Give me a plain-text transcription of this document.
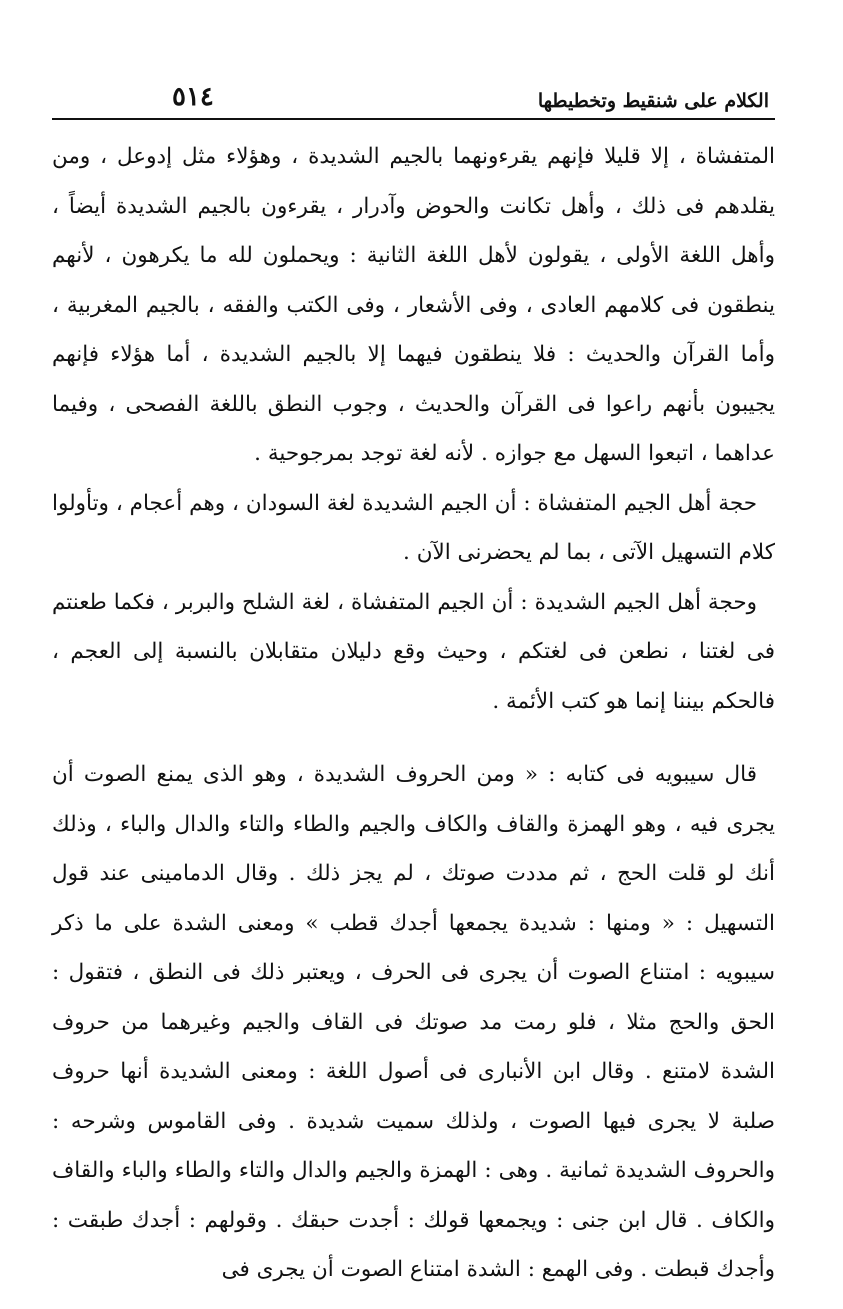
الكلام على شنقيط وتخطيطها
٥١٤

المتفشاة ، إلا قليلا فإنهم يقرءونهما بالجيم الشديدة ، وهؤلاء مثل إدوعل ، ومن يقلدهم فى ذلك ، وأهل تكانت والحوض وآدرار ، يقرءون بالجيم الشديدة أيضاً ، وأهل اللغة الأولى ، يقولون لأهل اللغة الثانية : ويحملون لله ما يكرهون ، لأنهم ينطقون فى كلامهم العادى ، وفى الأشعار ، وفى الكتب والفقه ، بالجيم المغربية ، وأما القرآن والحديث : فلا ينطقون فيهما إلا بالجيم الشديدة ، أما هؤلاء فإنهم يجيبون بأنهم راعوا فى القرآن والحديث ، وجوب النطق باللغة الفصحى ، وفيما عداهما ، اتبعوا السهل مع جوازه . لأنه لغة توجد بمرجوحية .

حجة أهل الجيم المتفشاة : أن الجيم الشديدة لغة السودان ، وهم أعجام ، وتأولوا كلام التسهيل الآتى ، بما لم يحضرنى الآن .

وحجة أهل الجيم الشديدة : أن الجيم المتفشاة ، لغة الشلح والبربر ، فكما طعنتم فى لغتنا ، نطعن فى لغتكم ، وحيث وقع دليلان متقابلان بالنسبة إلى العجم ، فالحكم بيننا إنما هو كتب الأئمة .

قال سيبويه فى كتابه : « ومن الحروف الشديدة ، وهو الذى يمنع الصوت أن يجرى فيه ، وهو الهمزة والقاف والكاف والجيم والطاء والتاء والدال والباء ، وذلك أنك لو قلت الحج ، ثم مددت صوتك ، لم يجز ذلك . وقال الدمامينى عند قول التسهيل : « ومنها : شديدة يجمعها أجدك قطب » ومعنى الشدة على ما ذكر سيبويه : امتناع الصوت أن يجرى فى الحرف ، ويعتبر ذلك فى النطق ، فتقول : الحق والحج مثلا ، فلو رمت مد صوتك فى القاف والجيم وغيرهما من حروف الشدة لامتنع . وقال ابن الأنبارى فى أصول اللغة : ومعنى الشديدة أنها حروف صلبة لا يجرى فيها الصوت ، ولذلك سميت شديدة . وفى القاموس وشرحه : والحروف الشديدة ثمانية . وهى : الهمزة والجيم والدال والتاء والطاء والباء والقاف والكاف . قال ابن جنى : ويجمعها قولك : أجدت حبقك . وقولهم : أجدك طبقت : وأجدك قبطت . وفى الهمع : الشدة امتناع الصوت أن يجرى فى
